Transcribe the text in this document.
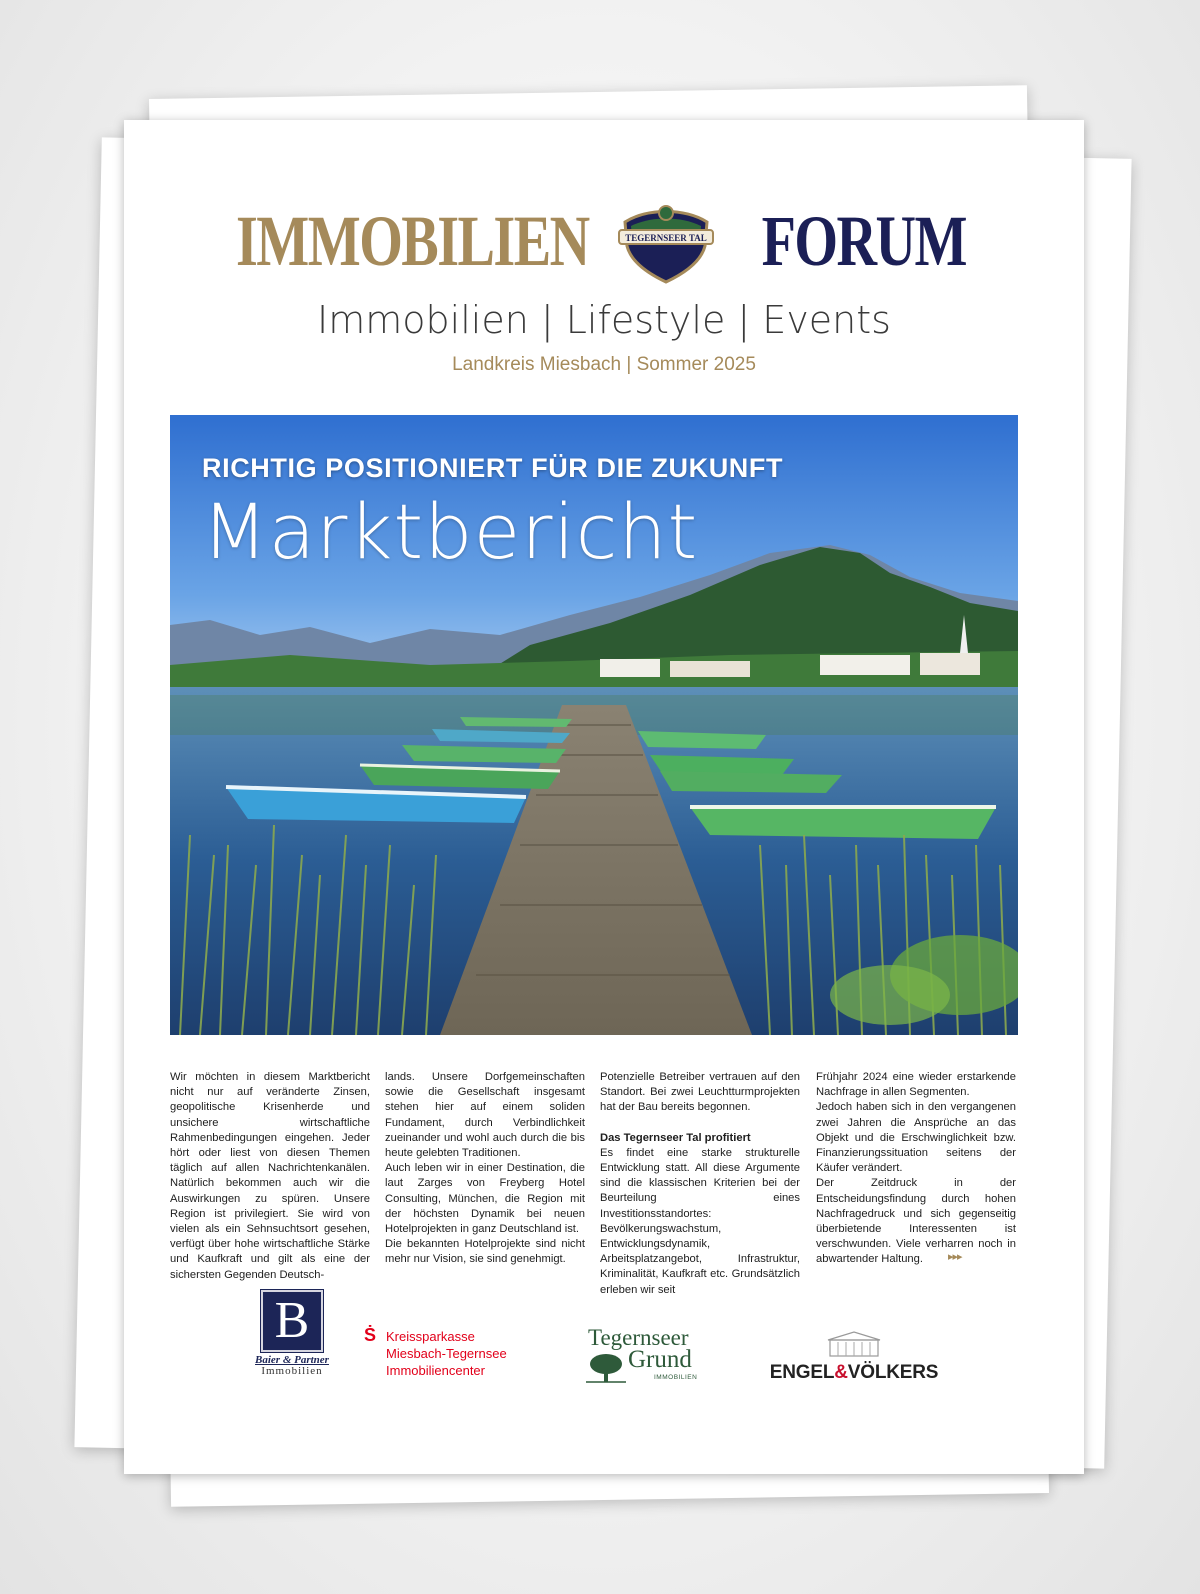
IMMOBILIEN	TEGERNSEER TAL FORUM
Immobilien | Lifestyle | Events
Landkreis Miesbach | Sommer 2025
RICHTIG POSITIONIERT FÜR DIE ZUKUNFT
Marktbericht

Wir möchten in diesem Marktbericht nicht nur auf veränderte Zinsen, geopolitische Krisenherde und unsichere wirtschaftliche Rahmenbedingungen eingehen. Jeder hört oder liest von diesen Themen täglich auf allen Nachrichtenkanälen. Natürlich bekommen auch wir die Auswirkungen zu spüren. Unsere Region ist privilegiert. Sie wird von vielen als ein Sehnsuchtsort gesehen, verfügt über hohe wirtschaftliche Stärke und Kaufkraft und gilt als eine der sichersten Gegenden Deutsch-

lands. Unsere Dorfgemeinschaften sowie die Gesellschaft insgesamt stehen hier auf einem soliden Fundament, durch Verbindlichkeit zueinander und wohl auch durch die bis heute gelebten Traditionen.

Auch leben wir in einer Destination, die laut Zarges von Freyberg Hotel Consulting, München, die Region mit der höchsten Dynamik bei neuen Hotelprojekten in ganz Deutschland ist.

Die bekannten Hotelprojekte sind nicht mehr nur Vision, sie sind genehmigt.

Potenzielle Betreiber vertrauen auf den Standort. Bei zwei Leuchtturmprojekten hat der Bau bereits begonnen.

Das Tegernseer Tal profitiert

Es findet eine starke strukturelle Entwicklung statt. All diese Argumente sind die klassischen Kriterien bei der Beurteilung eines Investitionsstandortes: Bevölkerungswachstum, Entwicklungsdynamik, Arbeitsplatzangebot, Infrastruktur, Kriminalität, Kaufkraft etc. Grundsätzlich erleben wir seit

Frühjahr 2024 eine wieder erstarkende Nachfrage in allen Segmenten.

Jedoch haben sich in den vergangenen zwei Jahren die Ansprüche an das Objekt und die Erschwinglichkeit bzw. Finanzierungssituation seitens der Käufer verändert.

Der Zeitdruck in der Entscheidungsfindung durch hohen Nachfragedruck und sich gegenseitig überbietende Interessenten ist verschwunden. Viele verharren noch in abwartender Haltung.	▸▸▸
B
Baier & Partner
Immobilien
Ṡ Kreissparkasse
Miesbach-Tegernsee
Immobiliencenter
Tegernseer
Grund
IMMOBILIEN	ENGEL&VÖLKERS
